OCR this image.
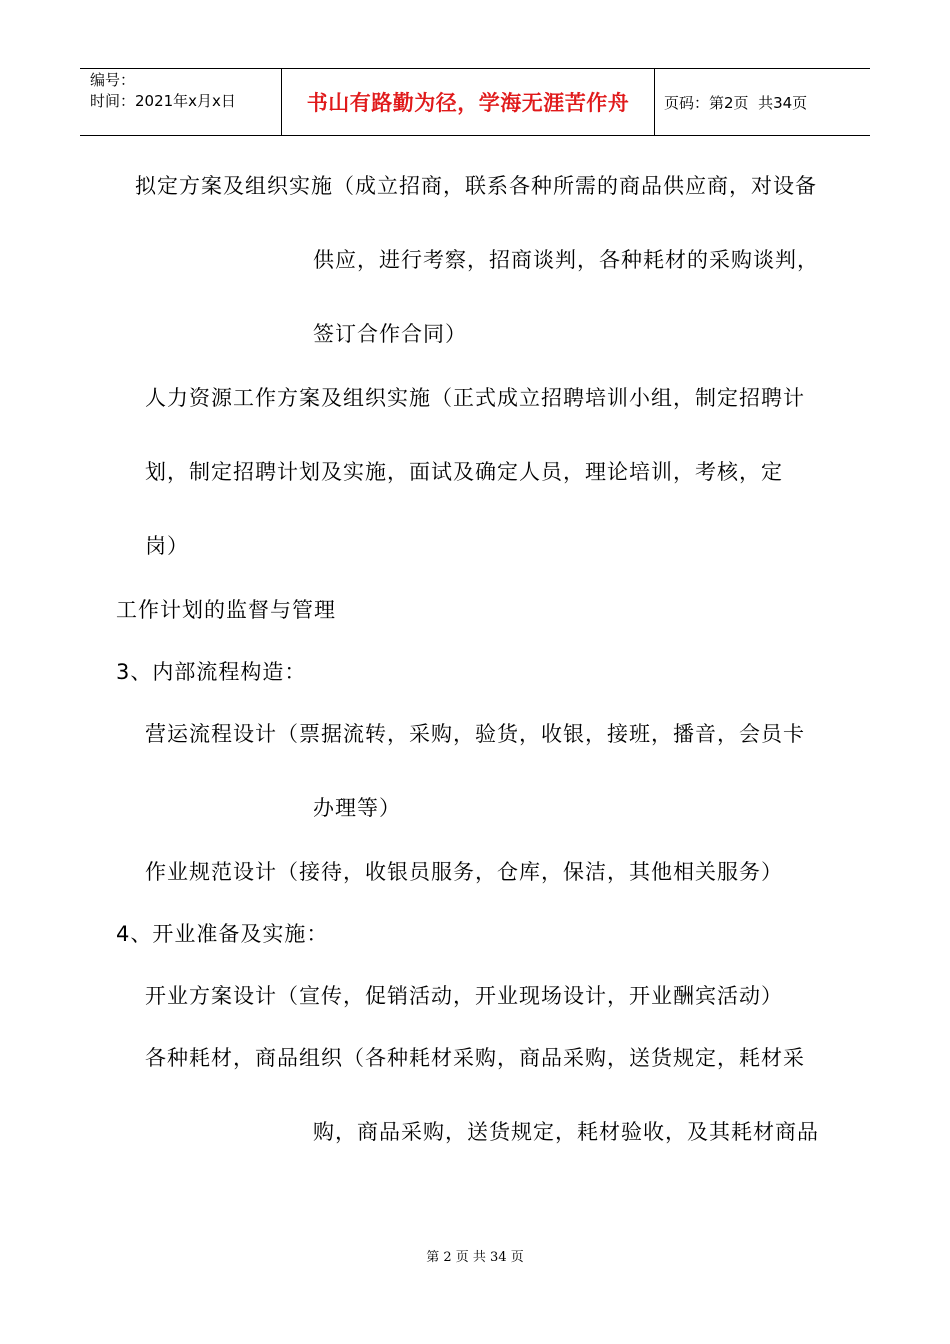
编号：
时间：2021年x月x日	书山有路勤为径，学海无涯苦作舟	页码：第2页  共34页
拟定方案及组织实施（成立招商，联系各种所需的商品供应商，对设备
供应，进行考察，招商谈判，各种耗材的采购谈判，
签订合作合同）
人力资源工作方案及组织实施（正式成立招聘培训小组，制定招聘计
划，制定招聘计划及实施，面试及确定人员，理论培训，考核，定
岗）
工作计划的监督与管理
3、内部流程构造：
营运流程设计（票据流转，采购，验货，收银，接班，播音，会员卡
办理等）
作业规范设计（接待，收银员服务，仓库，保洁，其他相关服务）
4、开业准备及实施：
开业方案设计（宣传，促销活动，开业现场设计，开业酬宾活动）
各种耗材，商品组织（各种耗材采购，商品采购，送货规定，耗材采
购，商品采购，送货规定，耗材验收，及其耗材商品
第 2 页 共 34 页
